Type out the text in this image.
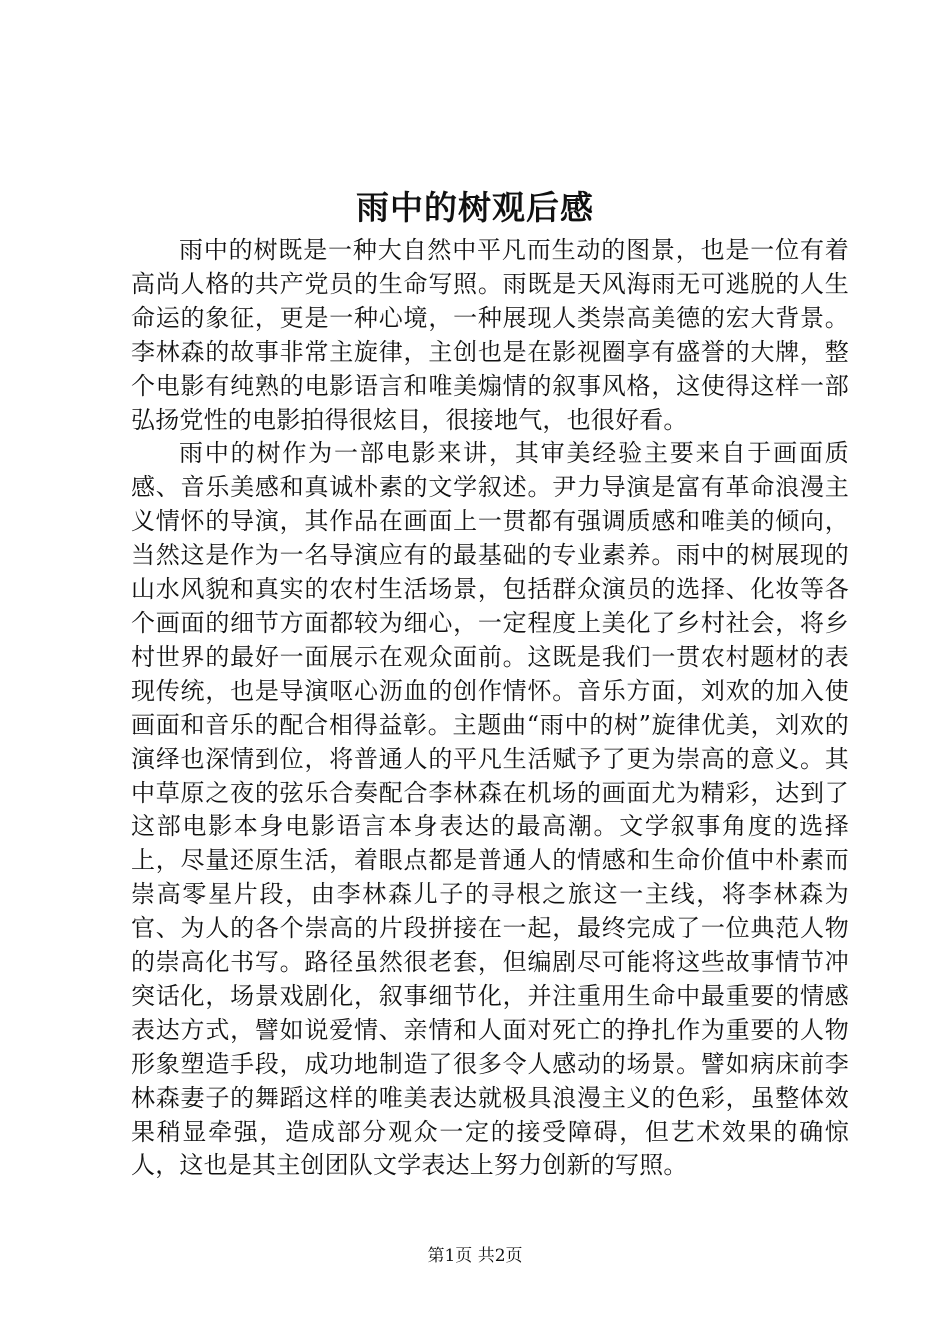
雨中的树观后感

雨中的树既是一种大自然中平凡而生动的图景，也是一位有着高尚人格的共产党员的生命写照。雨既是天风海雨无可逃脱的人生命运的象征，更是一种心境，一种展现人类崇高美德的宏大背景。李林森的故事非常主旋律，主创也是在影视圈享有盛誉的大牌，整个电影有纯熟的电影语言和唯美煽情的叙事风格，这使得这样一部弘扬党性的电影拍得很炫目，很接地气，也很好看。

雨中的树作为一部电影来讲，其审美经验主要来自于画面质感、音乐美感和真诚朴素的文学叙述。尹力导演是富有革命浪漫主义情怀的导演，其作品在画面上一贯都有强调质感和唯美的倾向，当然这是作为一名导演应有的最基础的专业素养。雨中的树展现的山水风貌和真实的农村生活场景，包括群众演员的选择、化妆等各个画面的细节方面都较为细心，一定程度上美化了乡村社会，将乡村世界的最好一面展示在观众面前。这既是我们一贯农村题材的表现传统，也是导演呕心沥血的创作情怀。音乐方面，刘欢的加入使画面和音乐的配合相得益彰。主题曲“雨中的树”旋律优美，刘欢的演绎也深情到位，将普通人的平凡生活赋予了更为崇高的意义。其中草原之夜的弦乐合奏配合李林森在机场的画面尤为精彩，达到了这部电影本身电影语言本身表达的最高潮。文学叙事角度的选择上，尽量还原生活，着眼点都是普通人的情感和生命价值中朴素而崇高零星片段，由李林森儿子的寻根之旅这一主线，将李林森为官、为人的各个崇高的片段拼接在一起，最终完成了一位典范人物的崇高化书写。路径虽然很老套，但编剧尽可能将这些故事情节冲突话化，场景戏剧化，叙事细节化，并注重用生命中最重要的情感表达方式，譬如说爱情、亲情和人面对死亡的挣扎作为重要的人物形象塑造手段，成功地制造了很多令人感动的场景。譬如病床前李林森妻子的舞蹈这样的唯美表达就极具浪漫主义的色彩，虽整体效果稍显牵强，造成部分观众一定的接受障碍，但艺术效果的确惊人，这也是其主创团队文学表达上努力创新的写照。

第1页 共2页
